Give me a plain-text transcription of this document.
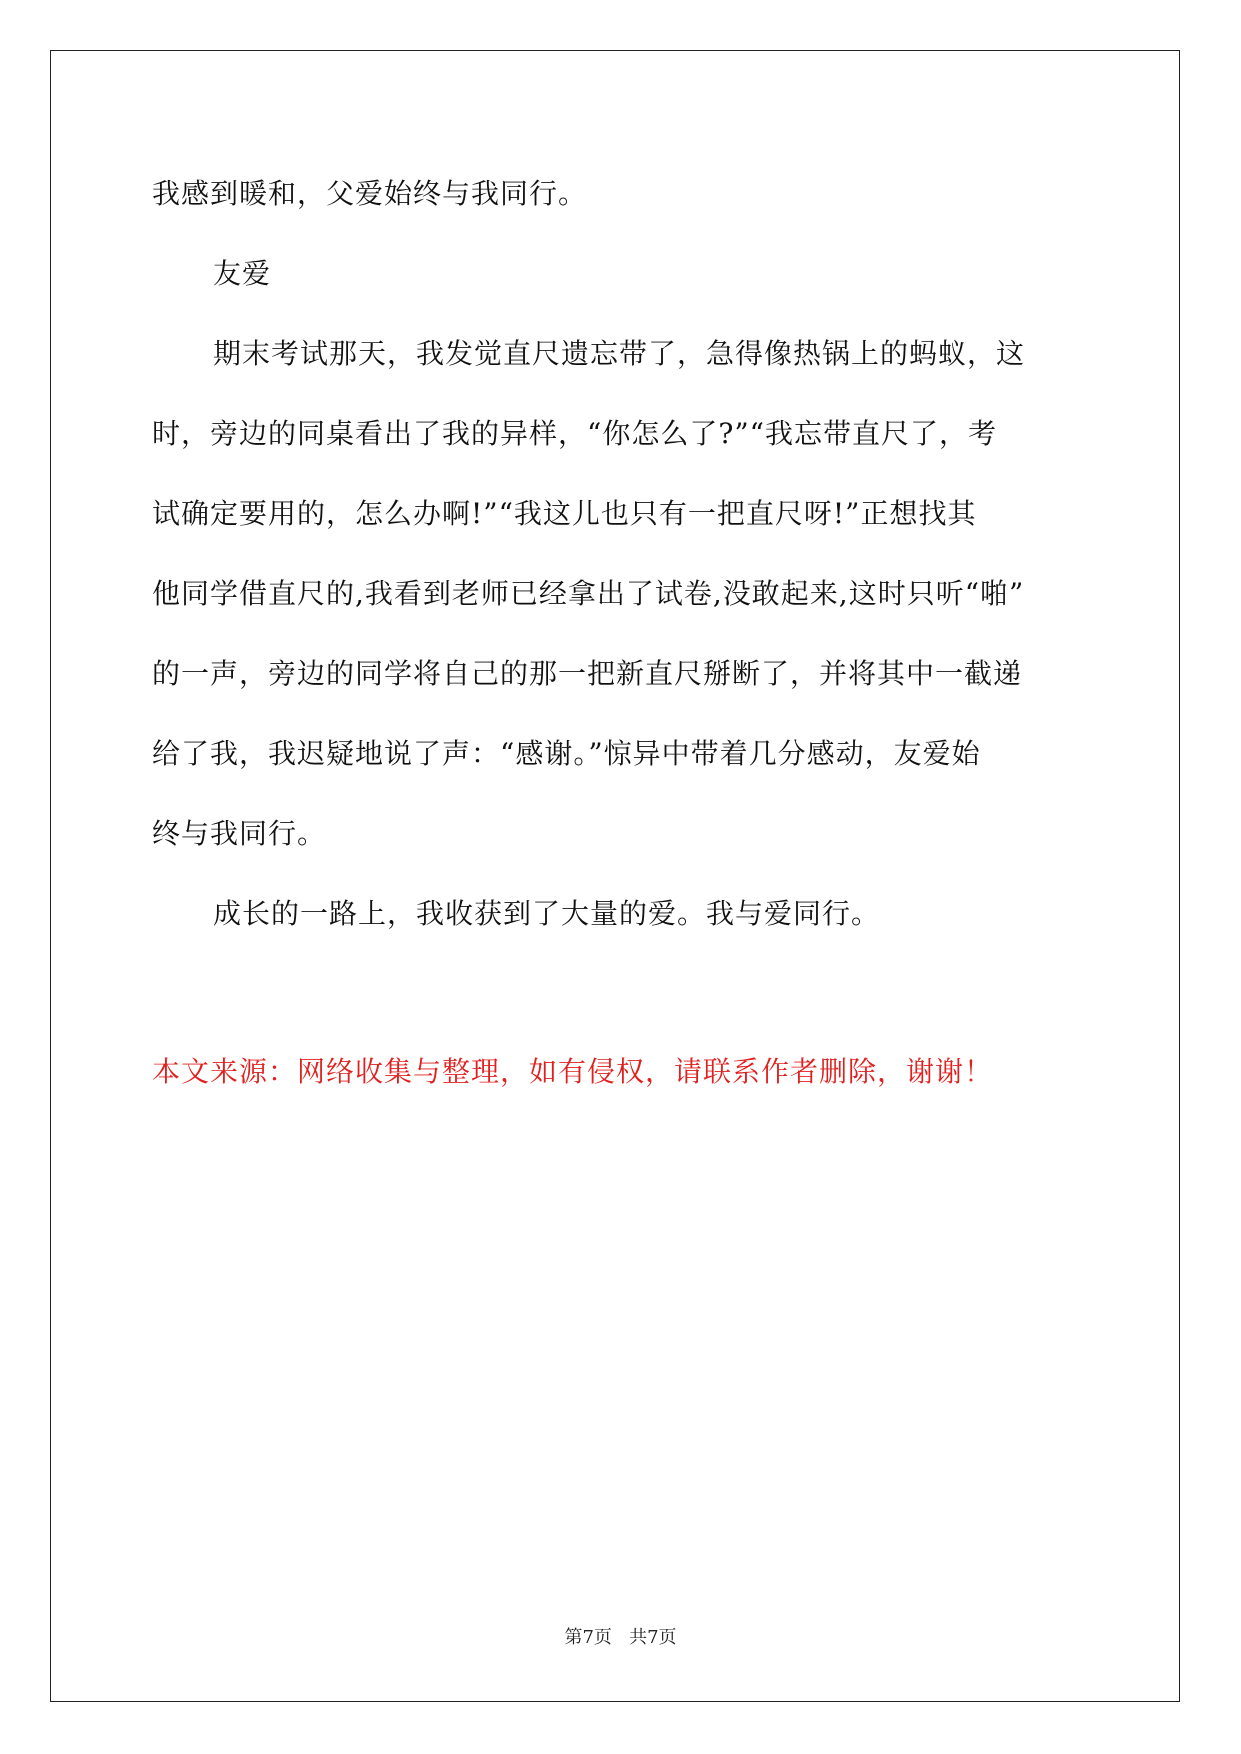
我感到暖和，父爱始终与我同行。
友爱
期末考试那天，我发觉直尺遗忘带了，急得像热锅上的蚂蚁，这
时，旁边的同桌看出了我的异样，“你怎么了?”“我忘带直尺了，考
试确定要用的，怎么办啊!”“我这儿也只有一把直尺呀!”正想找其
他同学借直尺的,我看到老师已经拿出了试卷,没敢起来,这时只听“啪”
的一声，旁边的同学将自己的那一把新直尺掰断了，并将其中一截递
给了我，我迟疑地说了声：“感谢。”惊异中带着几分感动，友爱始
终与我同行。
成长的一路上，我收获到了大量的爱。我与爱同行。
本文来源：网络收集与整理，如有侵权，请联系作者删除，谢谢！
第7页 共7页
